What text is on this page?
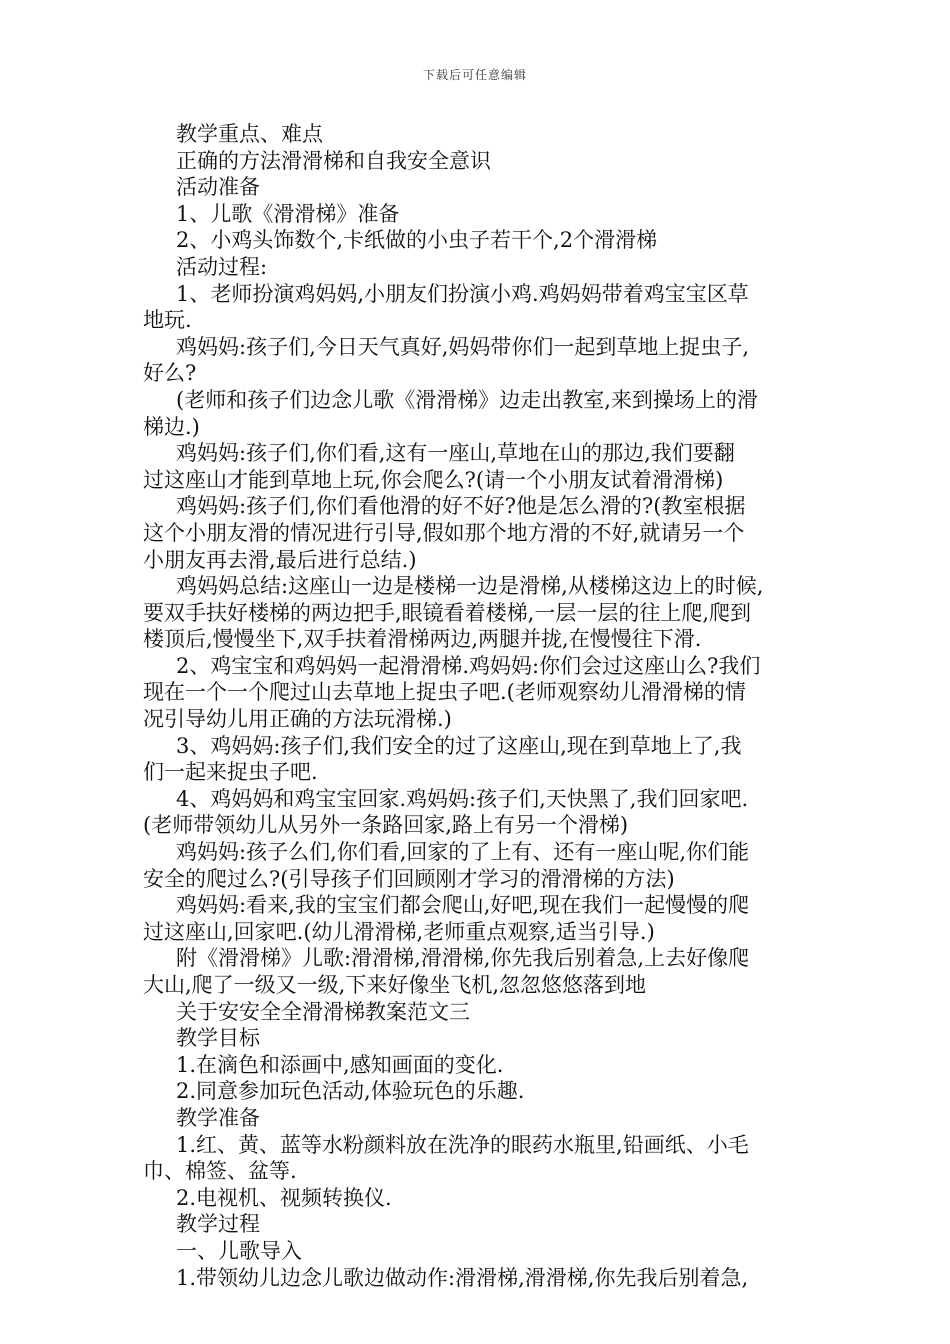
下载后可任意编辑
教学重点、难点
正确的方法滑滑梯和自我安全意识
活动准备
1、儿歌《滑滑梯》准备
2、小鸡头饰数个,卡纸做的小虫子若干个,2个滑滑梯
活动过程:
1、老师扮演鸡妈妈,小朋友们扮演小鸡.鸡妈妈带着鸡宝宝区草
地玩.
鸡妈妈:孩子们,今日天气真好,妈妈带你们一起到草地上捉虫子,
好么?
(老师和孩子们边念儿歌《滑滑梯》边走出教室,来到操场上的滑
梯边.)
鸡妈妈:孩子们,你们看,这有一座山,草地在山的那边,我们要翻
过这座山才能到草地上玩,你会爬么?(请一个小朋友试着滑滑梯)
鸡妈妈:孩子们,你们看他滑的好不好?他是怎么滑的?(教室根据
这个小朋友滑的情况进行引导,假如那个地方滑的不好,就请另一个
小朋友再去滑,最后进行总结.)
鸡妈妈总结:这座山一边是楼梯一边是滑梯,从楼梯这边上的时候,
要双手扶好楼梯的两边把手,眼镜看着楼梯,一层一层的往上爬,爬到
楼顶后,慢慢坐下,双手扶着滑梯两边,两腿并拢,在慢慢往下滑.
2、鸡宝宝和鸡妈妈一起滑滑梯.鸡妈妈:你们会过这座山么?我们
现在一个一个爬过山去草地上捉虫子吧.(老师观察幼儿滑滑梯的情
况引导幼儿用正确的方法玩滑梯.)
3、鸡妈妈:孩子们,我们安全的过了这座山,现在到草地上了,我
们一起来捉虫子吧.
4、鸡妈妈和鸡宝宝回家.鸡妈妈:孩子们,天快黑了,我们回家吧.
(老师带领幼儿从另外一条路回家,路上有另一个滑梯)
鸡妈妈:孩子么们,你们看,回家的了上有、还有一座山呢,你们能
安全的爬过么?(引导孩子们回顾刚才学习的滑滑梯的方法)
鸡妈妈:看来,我的宝宝们都会爬山,好吧,现在我们一起慢慢的爬
过这座山,回家吧.(幼儿滑滑梯,老师重点观察,适当引导.)
附《滑滑梯》儿歌:滑滑梯,滑滑梯,你先我后别着急,上去好像爬
大山,爬了一级又一级,下来好像坐飞机,忽忽悠悠落到地
关于安安全全滑滑梯教案范文三
教学目标
1.在滴色和添画中,感知画面的变化.
2.同意参加玩色活动,体验玩色的乐趣.
教学准备
1.红、黄、蓝等水粉颜料放在洗净的眼药水瓶里,铅画纸、小毛
巾、棉签、盆等.
2.电视机、视频转换仪.
教学过程
一、儿歌导入
1.带领幼儿边念儿歌边做动作:滑滑梯,滑滑梯,你先我后别着急,
